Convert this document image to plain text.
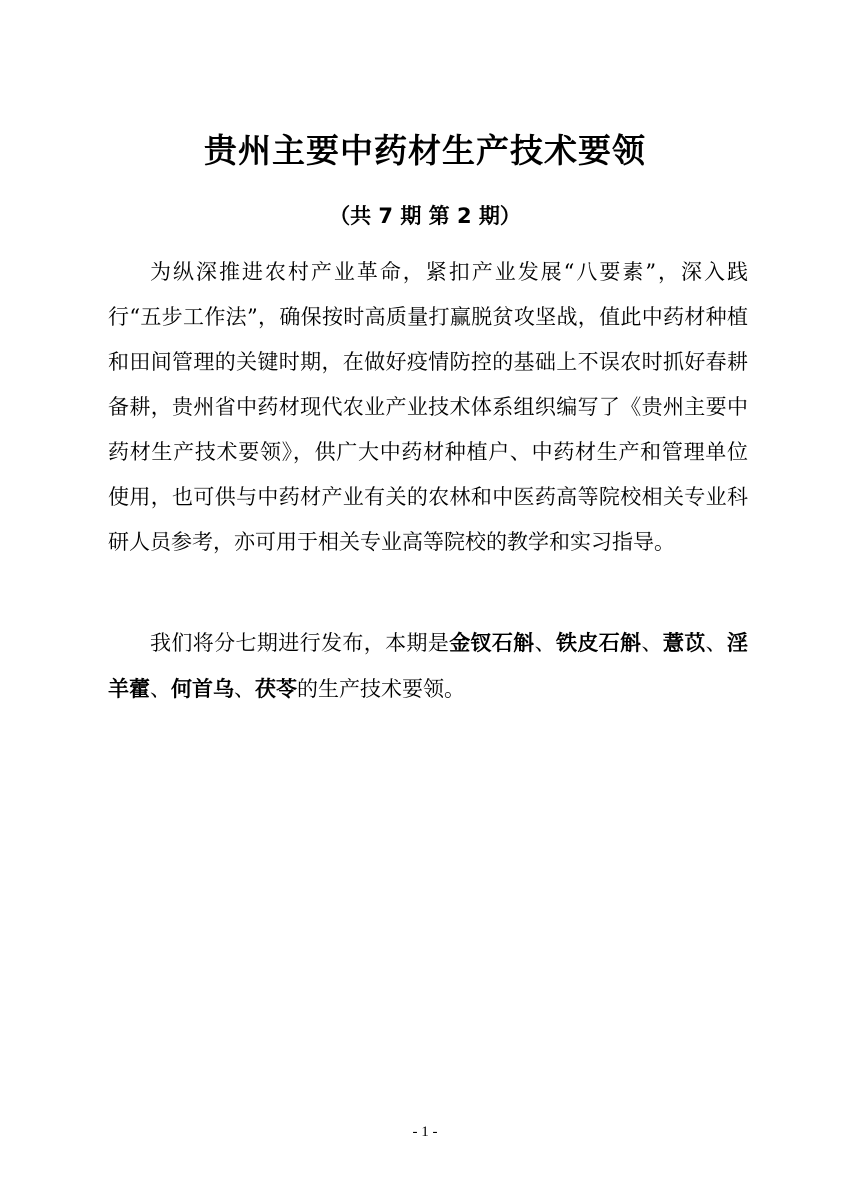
贵州主要中药材生产技术要领
（共 7 期 第 2 期）

为纵深推进农村产业革命，紧扣产业发展“八要素”，深入践行“五步工作法”，确保按时高质量打赢脱贫攻坚战，值此中药材种植和田间管理的关键时期，在做好疫情防控的基础上不误农时抓好春耕备耕，贵州省中药材现代农业产业技术体系组织编写了《贵州主要中药材生产技术要领》，供广大中药材种植户、中药材生产和管理单位使用，也可供与中药材产业有关的农林和中医药高等院校相关专业科研人员参考，亦可用于相关专业高等院校的教学和实习指导。

我们将分七期进行发布，本期是金钗石斛、铁皮石斛、薏苡、淫羊藿、何首乌、茯苓的生产技术要领。

- 1 -
